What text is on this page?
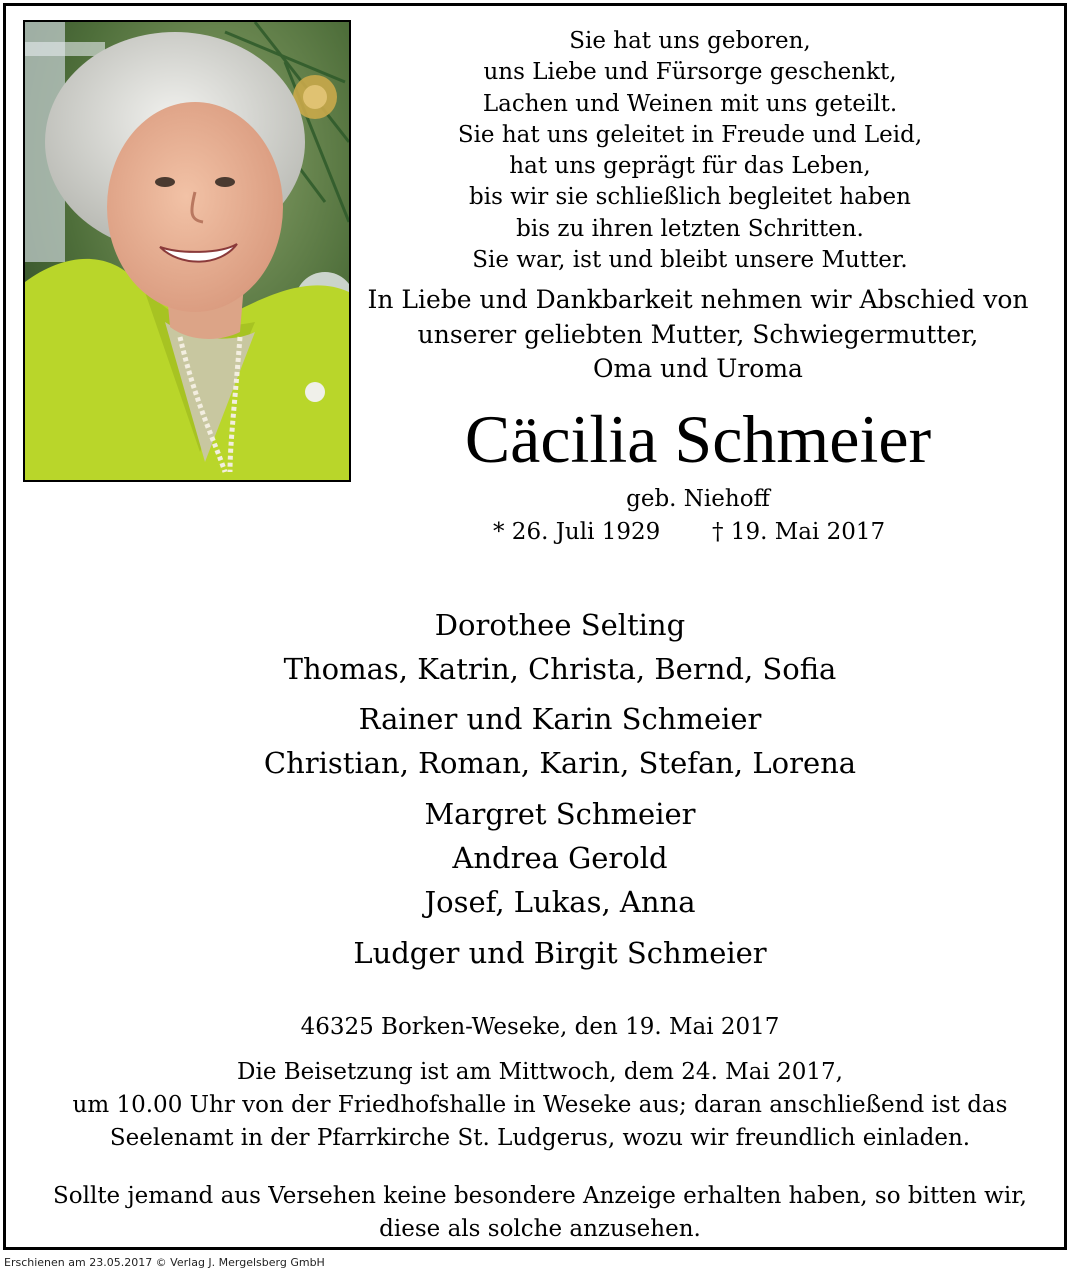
Sie hat uns geboren,
uns Liebe und Fürsorge geschenkt,
Lachen und Weinen mit uns geteilt.
Sie hat uns geleitet in Freude und Leid,
hat uns geprägt für das Leben,
bis wir sie schließlich begleitet haben
bis zu ihren letzten Schritten.
Sie war, ist und bleibt unsere Mutter.
In Liebe und Dankbarkeit nehmen wir Abschied von
unserer geliebten Mutter, Schwiegermutter,
Oma und Uroma
Cäcilia Schmeier
geb. Niehoff
* 26. Juli 1929 † 19. Mai 2017
Dorothee Selting
Thomas, Katrin, Christa, Bernd, Sofia
Rainer und Karin Schmeier
Christian, Roman, Karin, Stefan, Lorena
Margret Schmeier
Andrea Gerold
Josef, Lukas, Anna
Ludger und Birgit Schmeier
46325 Borken-Weseke, den 19. Mai 2017
Die Beisetzung ist am Mittwoch, dem 24. Mai 2017,
um 10.00 Uhr von der Friedhofshalle in Weseke aus; daran anschließend ist das
Seelenamt in der Pfarrkirche St. Ludgerus, wozu wir freundlich einladen.
Sollte jemand aus Versehen keine besondere Anzeige erhalten haben, so bitten wir,
diese als solche anzusehen.
Erschienen am 23.05.2017 © Verlag J. Mergelsberg GmbH
